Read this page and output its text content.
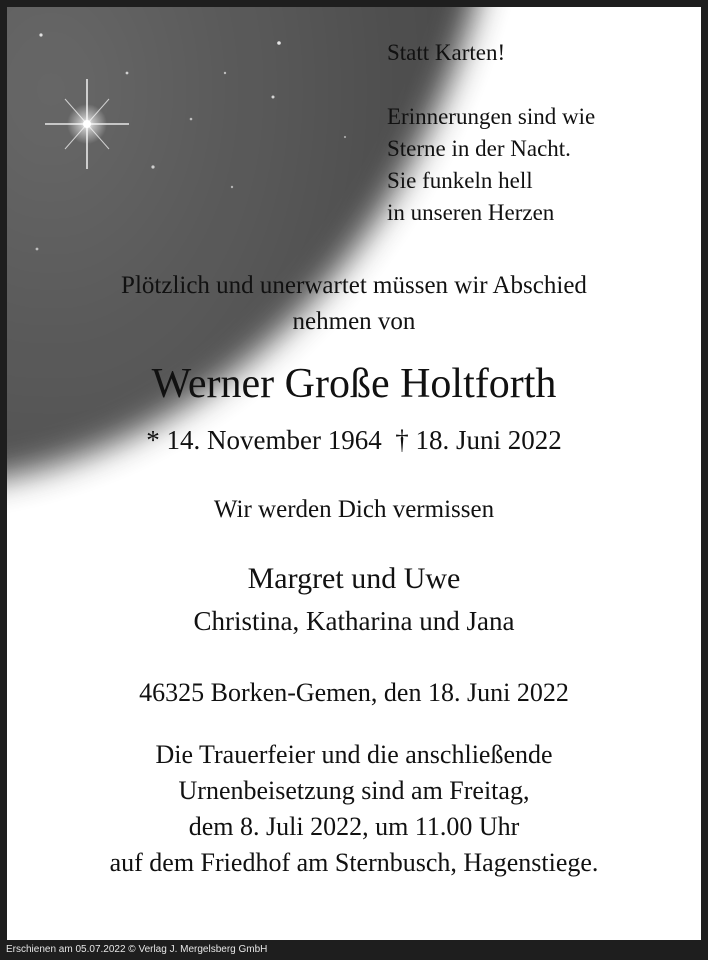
Statt Karten!
Erinnerungen sind wie
Sterne in der Nacht.
Sie funkeln hell
in unseren Herzen
Plötzlich und unerwartet müssen wir Abschied
nehmen von
Werner Große Holtforth
* 14. November 1964  † 18. Juni 2022
Wir werden Dich vermissen
Margret und Uwe
Christina, Katharina und Jana
46325 Borken-Gemen, den 18. Juni 2022
Die Trauerfeier und die anschließende
Urnenbeisetzung sind am Freitag,
dem 8. Juli 2022, um 11.00 Uhr
auf dem Friedhof am Sternbusch, Hagenstiege.
Erschienen am 05.07.2022 © Verlag J. Mergelsberg GmbH
